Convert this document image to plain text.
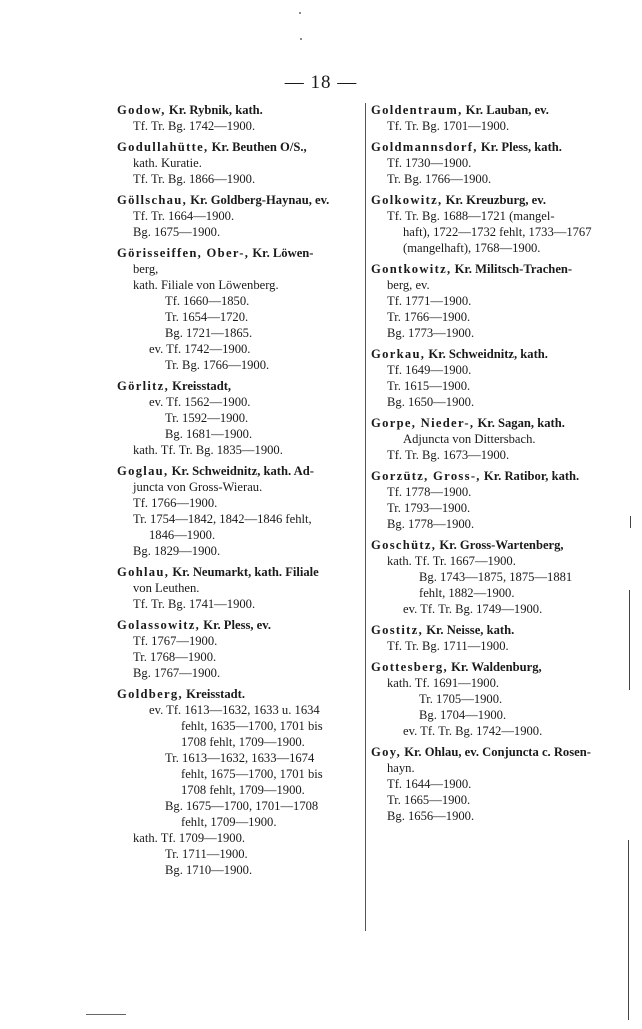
— 18 —
Godow, Kr. Rybnik, kath.
Tf. Tr. Bg. 1742—1900.
Godullahütte, Kr. Beuthen O/S.,
kath. Kuratie.
Tf. Tr. Bg. 1866—1900.
Göllschau, Kr. Goldberg-Haynau, ev.
Tf. Tr. 1664—1900.
Bg. 1675—1900.
Görisseiffen, Ober-, Kr. Löwen-
berg,
kath. Filiale von Löwenberg.
Tf. 1660—1850.
Tr. 1654—1720.
Bg. 1721—1865.
ev. Tf. 1742—1900.
Tr. Bg. 1766—1900.
Görlitz, Kreisstadt,
ev. Tf. 1562—1900.
Tr. 1592—1900.
Bg. 1681—1900.
kath. Tf. Tr. Bg. 1835—1900.
Goglau, Kr. Schweidnitz, kath. Ad-
juncta von Gross-Wierau.
Tf. 1766—1900.
Tr. 1754—1842, 1842—1846 fehlt,
1846—1900.
Bg. 1829—1900.
Gohlau, Kr. Neumarkt, kath. Filiale
von Leuthen.
Tf. Tr. Bg. 1741—1900.
Golassowitz, Kr. Pless, ev.
Tf. 1767—1900.
Tr. 1768—1900.
Bg. 1767—1900.
Goldberg, Kreisstadt.
ev. Tf. 1613—1632, 1633 u. 1634
fehlt, 1635—1700, 1701 bis
1708 fehlt, 1709—1900.
Tr. 1613—1632, 1633—1674
fehlt, 1675—1700, 1701 bis
1708 fehlt, 1709—1900.
Bg. 1675—1700, 1701—1708
fehlt, 1709—1900.
kath. Tf. 1709—1900.
Tr. 1711—1900.
Bg. 1710—1900.
Goldentraum, Kr. Lauban, ev.
Tf. Tr. Bg. 1701—1900.
Goldmannsdorf, Kr. Pless, kath.
Tf. 1730—1900.
Tr. Bg. 1766—1900.
Golkowitz, Kr. Kreuzburg, ev.
Tf. Tr. Bg. 1688—1721 (mangel-
haft), 1722—1732 fehlt, 1733—1767
(mangelhaft), 1768—1900.
Gontkowitz, Kr. Militsch-Trachen-
berg, ev.
Tf. 1771—1900.
Tr. 1766—1900.
Bg. 1773—1900.
Gorkau, Kr. Schweidnitz, kath.
Tf. 1649—1900.
Tr. 1615—1900.
Bg. 1650—1900.
Gorpe, Nieder-, Kr. Sagan, kath.
Adjuncta von Dittersbach.
Tf. Tr. Bg. 1673—1900.
Gorzütz, Gross-, Kr. Ratibor, kath.
Tf. 1778—1900.
Tr. 1793—1900.
Bg. 1778—1900.
Goschütz, Kr. Gross-Wartenberg,
kath. Tf. Tr. 1667—1900.
Bg. 1743—1875, 1875—1881
fehlt, 1882—1900.
ev. Tf. Tr. Bg. 1749—1900.
Gostitz, Kr. Neisse, kath.
Tf. Tr. Bg. 1711—1900.
Gottesberg, Kr. Waldenburg,
kath. Tf. 1691—1900.
Tr. 1705—1900.
Bg. 1704—1900.
ev. Tf. Tr. Bg. 1742—1900.
Goy, Kr. Ohlau, ev. Conjuncta c. Rosen-
hayn.
Tf. 1644—1900.
Tr. 1665—1900.
Bg. 1656—1900.
